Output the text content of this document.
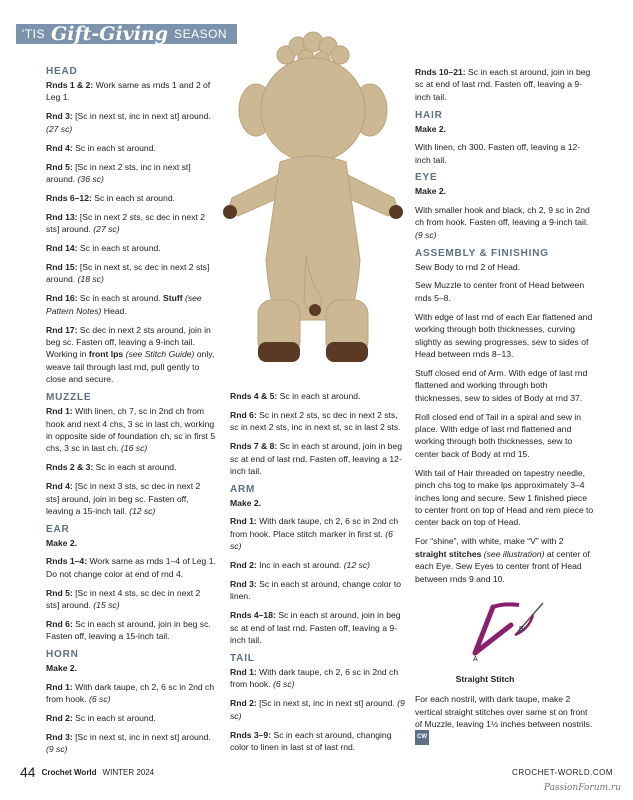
'TIS Gift-Giving SEASON
HEAD

Rnds 1 & 2: Work same as rnds 1 and 2 of Leg 1.

Rnd 3: [Sc in next st, inc in next st] around. (27 sc)

Rnd 4: Sc in each st around.

Rnd 5: [Sc in next 2 sts, inc in next st] around. (36 sc)

Rnds 6–12: Sc in each st around.

Rnd 13: [Sc in next 2 sts, sc dec in next 2 sts] around. (27 sc)

Rnd 14: Sc in each st around.

Rnd 15: [Sc in next st, sc dec in next 2 sts] around. (18 sc)

Rnd 16: Sc in each st around. Stuff (see Pattern Notes) Head.

Rnd 17: Sc dec in next 2 sts around, join in beg sc. Fasten off, leaving a 9-inch tail. Working in front lps (see Stitch Guide) only, weave tail through last rnd, pull gently to close and secure.

MUZZLE

Rnd 1: With linen, ch 7, sc in 2nd ch from hook and next 4 chs, 3 sc in last ch, working in opposite side of foundation ch, sc in first 5 chs, 3 sc in last ch. (16 sc)

Rnds 2 & 3: Sc in each st around.

Rnd 4: [Sc in next 3 sts, sc dec in next 2 sts] around, join in beg sc. Fasten off, leaving a 15-inch tail. (12 sc)

EAR
Make 2.

Rnds 1–4: Work same as rnds 1–4 of Leg 1. Do not change color at end of rnd 4.

Rnd 5: [Sc in next 4 sts, sc dec in next 2 sts] around. (15 sc)

Rnd 6: Sc in each st around, join in beg sc. Fasten off, leaving a 15-inch tail.

HORN
Make 2.

Rnd 1: With dark taupe, ch 2, 6 sc in 2nd ch from hook. (6 sc)

Rnd 2: Sc in each st around.

Rnd 3: [Sc in next st, inc in next st] around. (9 sc)

Rnds 4 & 5: Sc in each st around.

Rnd 6: Sc in next 2 sts, sc dec in next 2 sts, sc in next 2 sts, inc in next st, sc in last 2 sts.

Rnds 7 & 8: Sc in each st around, join in beg sc at end of last rnd. Fasten off, leaving a 12-inch tail.

ARM
Make 2.

Rnd 1: With dark taupe, ch 2, 6 sc in 2nd ch from hook. Place stitch marker in first st. (6 sc)

Rnd 2: Inc in each st around. (12 sc)

Rnd 3: Sc in each st around, change color to linen.

Rnds 4–18: Sc in each st around, join in beg sc at end of last rnd. Fasten off, leaving a 9-inch tail.

TAIL

Rnd 1: With dark taupe, ch 2, 6 sc in 2nd ch from hook. (6 sc)

Rnd 2: [Sc in next st, inc in next st] around. (9 sc)

Rnds 3–9: Sc in each st around, changing color to linen in last st of last rnd.

Rnds 10–21: Sc in each st around, join in beg sc at end of last rnd. Fasten off, leaving a 9-inch tail.

HAIR
Make 2.

With linen, ch 300. Fasten off, leaving a 12-inch tail.

EYE
Make 2.

With smaller hook and black, ch 2, 9 sc in 2nd ch from hook. Fasten off, leaving a 9-inch tail. (9 sc)

ASSEMBLY & FINISHING

Sew Body to rnd 2 of Head.

Sew Muzzle to center front of Head between rnds 5–8.

With edge of last rnd of each Ear flattened and working through both thicknesses, curving slightly as sewing progresses, sew to sides of Head between rnds 8–13.

Stuff closed end of Arm. With edge of last rnd flattened and working through both thicknesses, sew to sides of Body at rnd 37.

Roll closed end of Tail in a spiral and sew in place. With edge of last rnd flattened and working through both thicknesses, sew to center back of Body at rnd 15.

With tail of Hair threaded on tapestry needle, pinch chs tog to make lps approximately 3–4 inches long and secure. Sew 1 finished piece to center front on top of Head and rem piece to center back on top of Head.

For “shine”, with white, make “V” with 2 straight stitches (see illustration) at center of each Eye. Sew Eyes to center front of Head between rnds 9 and 10.

A
B
Straight Stitch

For each nostril, with dark taupe, make 2 vertical straight stitches over same st on front of Muzzle, leaving 1½ inches between nostrils. CW

44 Crochet World WINTER 2024	CROCHET-WORLD.COM
PassionForum.ru
